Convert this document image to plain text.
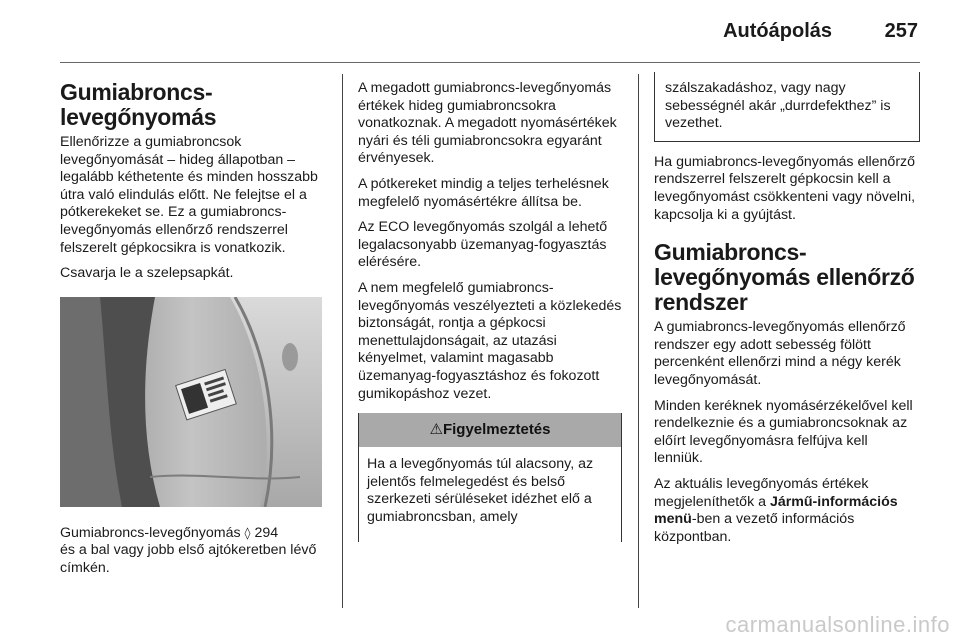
Autóápolás	257
Gumiabroncs-
levegőnyomás

Ellenőrizze a gumiabroncsok levegőnyomását – hideg állapotban – legalább kéthetente és minden hosszabb útra való elindulás előtt. Ne felejtse el a pótkerekeket se. Ez a gumiabroncs-levegőnyomás ellenőrző rendszerrel felszerelt gépkocsikra is vonatkozik.

Csavarja le a szelepsapkát.

Gumiabroncs-levegőnyomás ◊ 294
és a bal vagy jobb első ajtókeretben lévő címkén.

A megadott gumiabroncs-levegőnyomás értékek hideg gumiabroncsokra vonatkoznak. A megadott nyomásértékek nyári és téli gumiabroncsokra egyaránt érvényesek.

A pótkereket mindig a teljes terhelésnek megfelelő nyomásértékre állítsa be.

Az ECO levegőnyomás szolgál a lehető legalacsonyabb üzemanyag-fogyasztás elérésére.

A nem megfelelő gumiabroncs-levegőnyomás veszélyezteti a közlekedés biztonságát, rontja a gépkocsi menettulajdonságait, az utazási kényelmet, valamint magasabb üzemanyag-fogyasztáshoz és fokozott gumikopáshoz vezet.

⚠Figyelmeztetés
Ha a levegőnyomás túl alacsony, az jelentős felmelegedést és belső szerkezeti sérüléseket idézhet elő a gumiabroncsban, amely
szálszakadáshoz, vagy nagy sebességnél akár „durrdefekthez” is vezethet.

Ha gumiabroncs-levegőnyomás ellenőrző rendszerrel felszerelt gépkocsin kell a levegőnyomást csökkenteni vagy növelni, kapcsolja ki a gyújtást.

Gumiabroncs-
levegőnyomás ellenőrző
rendszer

A gumiabroncs-levegőnyomás ellenőrző rendszer egy adott sebesség fölött percenként ellenőrzi mind a négy kerék levegőnyomását.

Minden keréknek nyomásérzékelővel kell rendelkeznie és a gumiabroncsoknak az előírt levegőnyomásra felfújva kell lenniük.

Az aktuális levegőnyomás értékek megjeleníthetők a Jármű-információs menü-ben a vezető információs központban.

carmanualsonline.info
